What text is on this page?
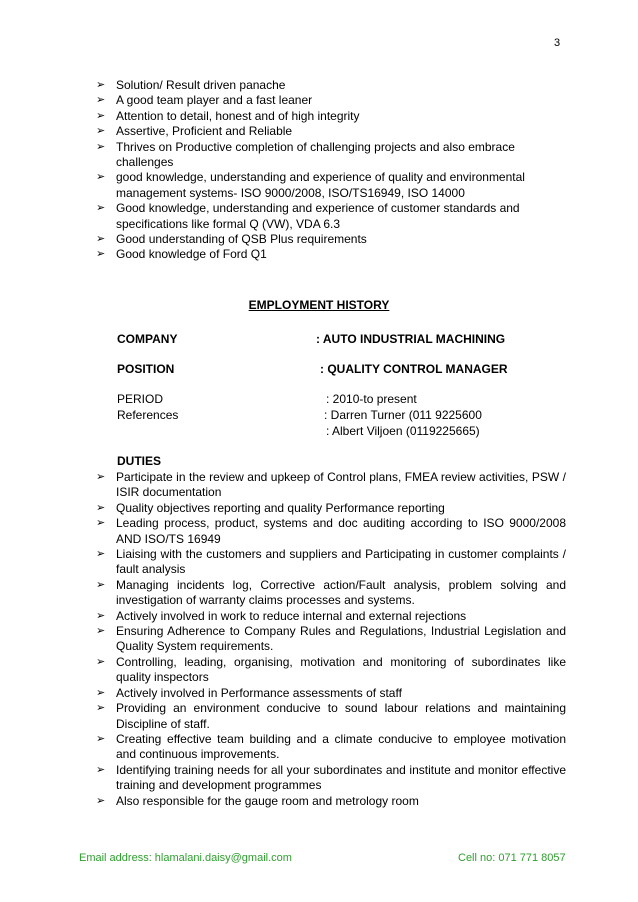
3
➢ Solution/ Result driven panache
➢ A good team player and a fast leaner
➢ Attention to detail, honest and of high integrity
➢ Assertive, Proficient and Reliable
➢ Thrives on Productive completion of challenging projects and also embrace challenges
➢ good knowledge, understanding and experience of quality and environmental management systems- ISO 9000/2008, ISO/TS16949, ISO 14000
➢ Good knowledge, understanding and experience of customer standards and specifications like formal Q (VW), VDA 6.3
➢ Good understanding of QSB Plus requirements
➢ Good knowledge of Ford Q1
EMPLOYMENT HISTORY
COMPANY	: AUTO INDUSTRIAL MACHINING
POSITION	: QUALITY CONTROL MANAGER
PERIOD	: 2010-to present
References	: Darren Turner (011 9225600
: Albert Viljoen (0119225665)
DUTIES
➢ Participate in the review and upkeep of Control plans, FMEA review activities, PSW / ISIR documentation
➢ Quality objectives reporting and quality Performance reporting
➢ Leading process, product, systems and doc auditing according to ISO 9000/2008 AND ISO/TS 16949
➢ Liaising with the customers and suppliers and Participating in customer complaints / fault analysis
➢ Managing incidents log, Corrective action/Fault analysis, problem solving and investigation of warranty claims processes and systems.
➢ Actively involved in work to reduce internal and external rejections
➢ Ensuring Adherence to Company Rules and Regulations, Industrial Legislation and Quality System requirements.
➢ Controlling, leading, organising, motivation and monitoring of subordinates like quality inspectors
➢ Actively involved in Performance assessments of staff
➢ Providing an environment conducive to sound labour relations and maintaining Discipline of staff.
➢ Creating effective team building and a climate conducive to employee motivation and continuous improvements.
➢ Identifying training needs for all your subordinates and institute and monitor effective training and development programmes
➢ Also responsible for the gauge room and metrology room
Email address: hlamalani.daisy@gmail.com	Cell no: 071 771 8057
